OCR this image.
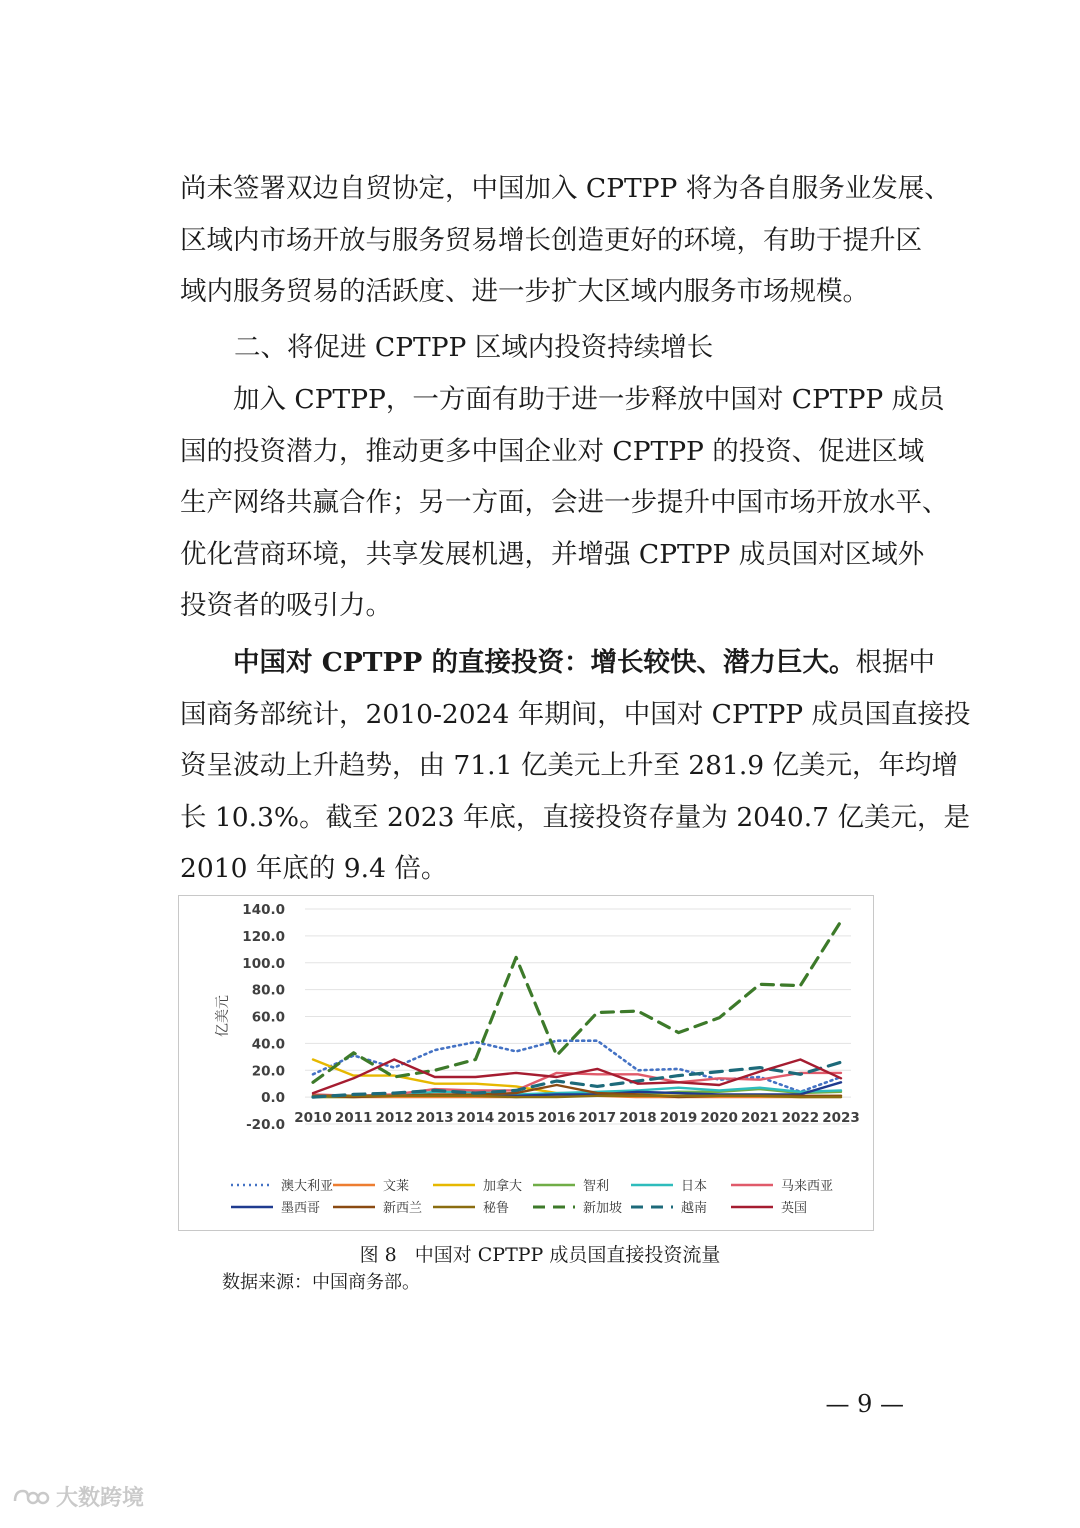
尚未签署双边自贸协定，中国加入 CPTPP 将为各自服务业发展、
区域内市场开放与服务贸易增长创造更好的环境，有助于提升区
域内服务贸易的活跃度、进一步扩大区域内服务市场规模。
二、将促进 CPTPP 区域内投资持续增长
加入 CPTPP，一方面有助于进一步释放中国对 CPTPP 成员
国的投资潜力，推动更多中国企业对 CPTPP 的投资、促进区域
生产网络共赢合作；另一方面，会进一步提升中国市场开放水平、
优化营商环境，共享发展机遇，并增强 CPTPP 成员国对区域外
投资者的吸引力。
中国对 CPTPP 的直接投资：增长较快、潜力巨大。根据中
国商务部统计，2010-2024 年期间，中国对 CPTPP 成员国直接投
资呈波动上升趋势，由 71.1 亿美元上升至 281.9 亿美元，年均增
长 10.3%。截至 2023 年底，直接投资存量为 2040.7 亿美元，是
2010 年底的 9.4 倍。
140.0
120.0
100.0
80.0
60.0
40.0
20.0
0.0
-20.0 2010 2011 2012 2013 2014 2015 2016 2017 2018 2019 2020 2021 2022 2023
亿美元
澳大利亚	文莱	加拿大	智利	日本	马来西亚
墨西哥	新西兰	秘鲁	新加坡	越南	英国

图 8 中国对 CPTPP 成员国直接投资流量

数据来源：中国商务部。

— 9 —

大数跨境
